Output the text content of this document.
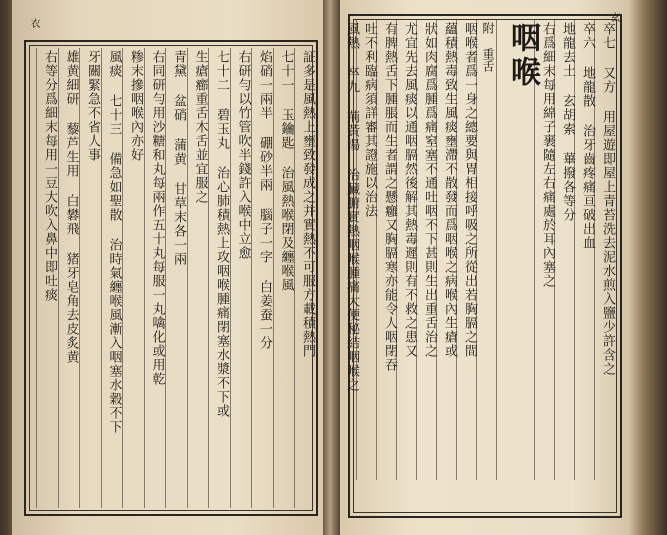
衣
証多是風熱上壅致發成之并實熱不可服方載積熱門
七十一 玉鑰匙 治風熱喉閉及纏喉風
焰硝一兩半 硼砂半兩 腦子一字 白姜蚕一分
右研勻以竹管吹半錢許入喉中立愈
七十二 碧玉丸 治心肺積熱上攻咽喉腫痛閉塞水漿不下或
生瘡癤重舌木舌並宜服之
青黛 盆硝 蒲黄 甘草末各一兩
右同研勻用沙糖和丸每兩作五十丸每服一丸噙化或用乾
糁末摻咽喉內亦好
風痰 七十三 備急如聖散 治時氣纏喉風漸入咽塞水穀不下
牙關緊急不省人事
雄黄細研 藜芦生用 白礬飛 猪牙皂角去皮炙黄
右等分爲細末每用一豆大吹入鼻中即吐痰
玄
卒七 又方 用屋遊即屋上青苔洗去泥水煎入鹽少許含之
卒六 地龍散 治牙齒疼痛亘破出血
地龍去土 玄胡索 蓽撥各等分
右爲細末每用綿子裹隨左右痛處於耳內塞之
咽喉
附 重舌
咽喉者爲一身之總要與胃相接呼吸之所從出若胸膈之間
蘊積熱毒致生風痰壅滯不散發而爲咽喉之病喉內生瘡或
狀如肉腐爲腫爲痛窒塞不通吐咽不下甚則生出重舌治之
尤宜先去風痰以通咽膈然後解其熱毒遲則有不救之患又
有脾熱舌下腫脹而生者謂之懸癰又胸膈寒亦能令人咽閉吞
吐不利臨病須詳審其證施以治法
風熱 卒九 荊黃湯 治臟腑實熱咽喉腫痛大便秘結咽喉之
